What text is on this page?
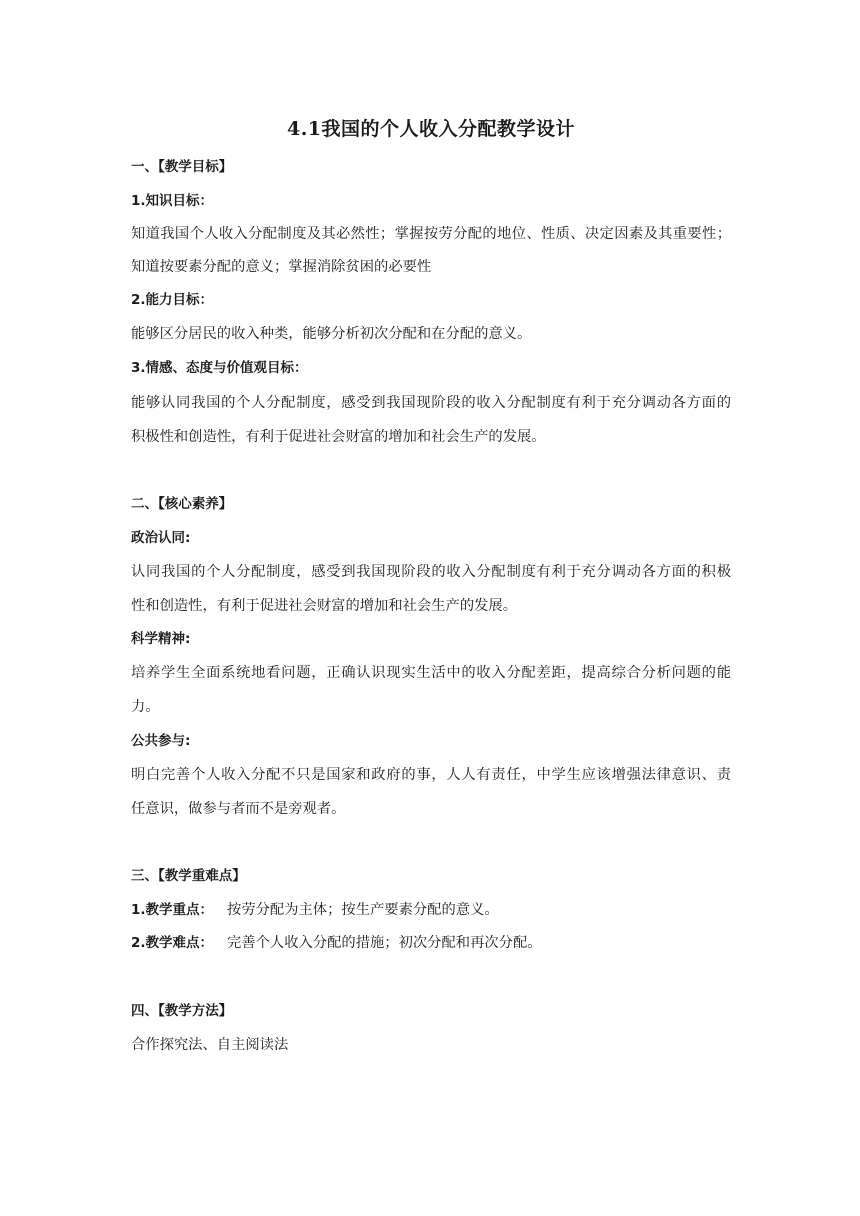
4.1我国的个人收入分配教学设计
一、【教学目标】
1.知识目标：
知道我国个人收入分配制度及其必然性；掌握按劳分配的地位、性质、决定因素及其重要性；
知道按要素分配的意义；掌握消除贫困的必要性
2.能力目标：
能够区分居民的收入种类，能够分析初次分配和在分配的意义。
3.情感、态度与价值观目标：
能够认同我国的个人分配制度，感受到我国现阶段的收入分配制度有利于充分调动各方面的
积极性和创造性，有利于促进社会财富的增加和社会生产的发展。
二、【核心素养】
政治认同:
认同我国的个人分配制度，感受到我国现阶段的收入分配制度有利于充分调动各方面的积极
性和创造性，有利于促进社会财富的增加和社会生产的发展。
科学精神:
培养学生全面系统地看问题，正确认识现实生活中的收入分配差距，提高综合分析问题的能
力。
公共参与:
明白完善个人收入分配不只是国家和政府的事，人人有责任，中学生应该增强法律意识、责
任意识，做参与者而不是旁观者。
三、【教学重难点】
1.教学重点： 按劳分配为主体；按生产要素分配的意义。
2.教学难点： 完善个人收入分配的措施；初次分配和再次分配。
四、【教学方法】
合作探究法、自主阅读法
